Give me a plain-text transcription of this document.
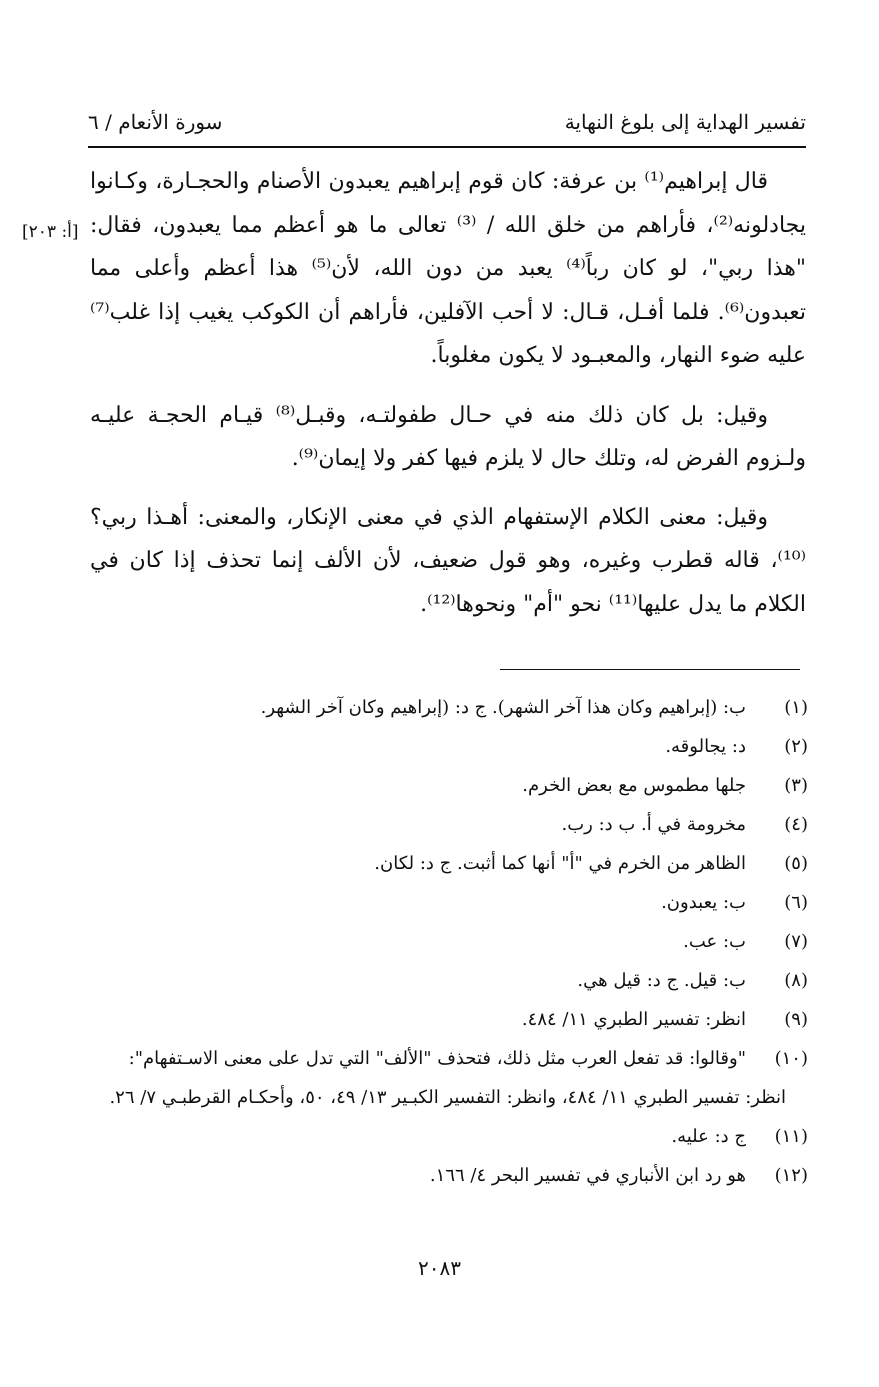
تفسير الهداية إلى بلوغ النهاية
سورة الأنعام / ٦
[أ: ٢٠٣]

قال إبراهيم⁽¹⁾ بن عرفة: كان قوم إبراهيم يعبدون الأصنام والحجـارة، وكـانوا يجادلونه⁽²⁾، فأراهم من خلق الله / ⁽³⁾ تعالى ما هو أعظم مما يعبدون، فقال: "هذا ربي"، لو كان رباً⁽⁴⁾ يعبد من دون الله، لأن⁽⁵⁾ هذا أعظم وأعلى مما تعبدون⁽⁶⁾. فلما أفـل، قـال: لا أحب الآفلين، فأراهم أن الكوكب يغيب إذا غلب⁽⁷⁾ عليه ضوء النهار، والمعبـود لا يكون مغلوباً.

وقيل: بل كان ذلك منه في حـال طفولتـه، وقبـل⁽⁸⁾ قيـام الحجـة عليـه ولـزوم الفرض له، وتلك حال لا يلزم فيها كفر ولا إيمان⁽⁹⁾.

وقيل: معنى الكلام الإستفهام الذي في معنى الإنكار، والمعنى: أهـذا ربي؟⁽¹⁰⁾، قاله قطرب وغيره، وهو قول ضعيف، لأن الألف إنما تحذف إذا كان في الكلام ما يدل عليها⁽¹¹⁾ نحو "أم" ونحوها⁽¹²⁾.

(١)
ب: (إبراهيم وكان هذا آخر الشهر). ج د: (إبراهيم وكان آخر الشهر.
(٢)
د: يجالوقه.
(٣)
جلها مطموس مع بعض الخرم.
(٤)
مخرومة في أ. ب د: رب.
(٥)
الظاهر من الخرم في "أ" أنها كما أثبت. ج د: لكان.
(٦)
ب: يعبدون.
(٧)
ب: عب.
(٨)
ب: قيل. ج د: قيل هي.
(٩)
انظر: تفسير الطبري ١١/ ٤٨٤.
(١٠)
"وقالوا: قد تفعل العرب مثل ذلك، فتحذف "الألف" التي تدل على معنى الاسـتفهام":
انظر: تفسير الطبري ١١/ ٤٨٤، وانظر: التفسير الكبـير ١٣/ ٤٩، ٥٠، وأحكـام القرطبـي ٧/ ٢٦.
(١١)
ج د: عليه.
(١٢)
هو رد ابن الأنباري في تفسير البحر ٤/ ١٦٦.
٢٠٨٣
